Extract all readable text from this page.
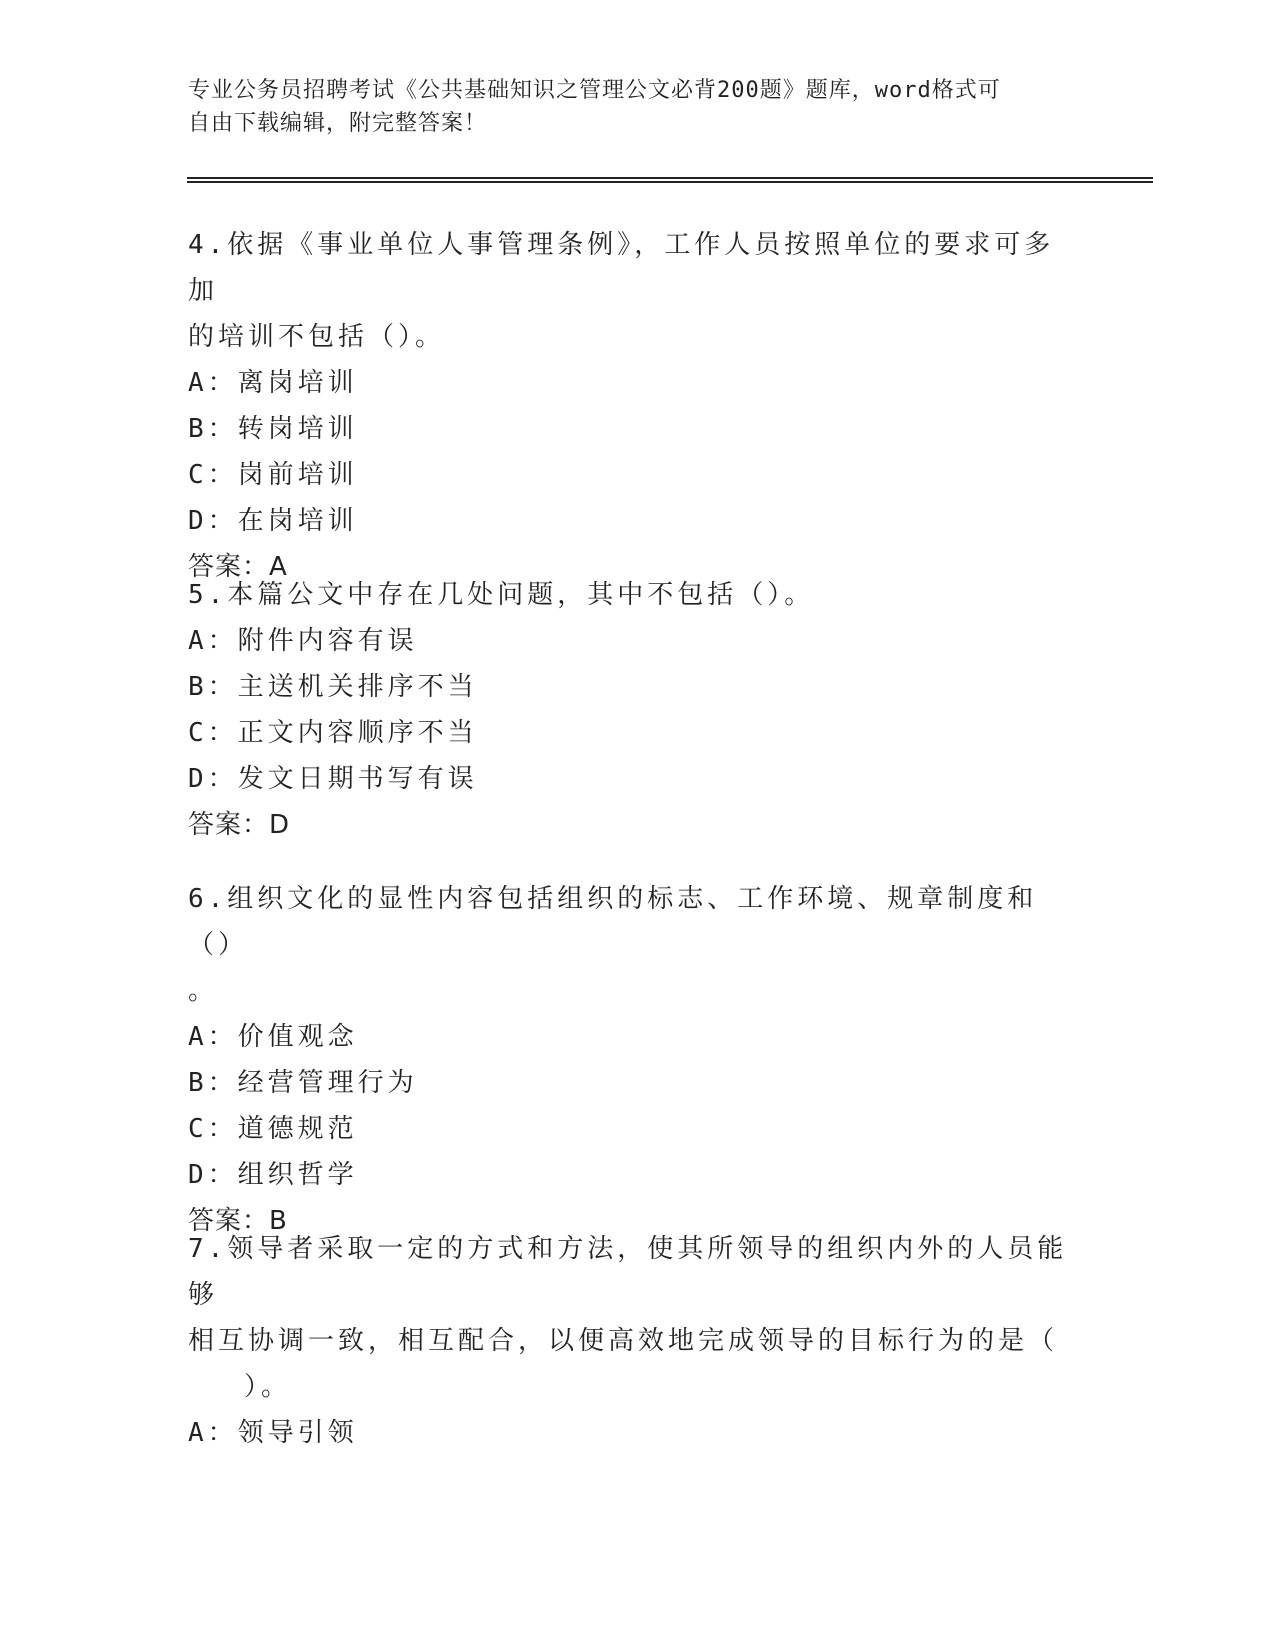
专业公务员招聘考试《公共基础知识之管理公文必背200题》题库，word格式可
自由下载编辑，附完整答案！

4.依据《事业单位人事管理条例》，工作人员按照单位的要求可多加

的培训不包括（）。

A：离岗培训

B：转岗培训

C：岗前培训

D：在岗培训

答案：A

5.本篇公文中存在几处问题，其中不包括（）。

A：附件内容有误

B：主送机关排序不当

C：正文内容顺序不当

D：发文日期书写有误

答案：D

6.组织文化的显性内容包括组织的标志、工作环境、规章制度和（）

。

A：价值观念

B：经营管理行为

C：道德规范

D：组织哲学

答案：B

7.领导者采取一定的方式和方法，使其所领导的组织内外的人员能够

相互协调一致，相互配合，以便高效地完成领导的目标行为的是（

）。

A：领导引领
